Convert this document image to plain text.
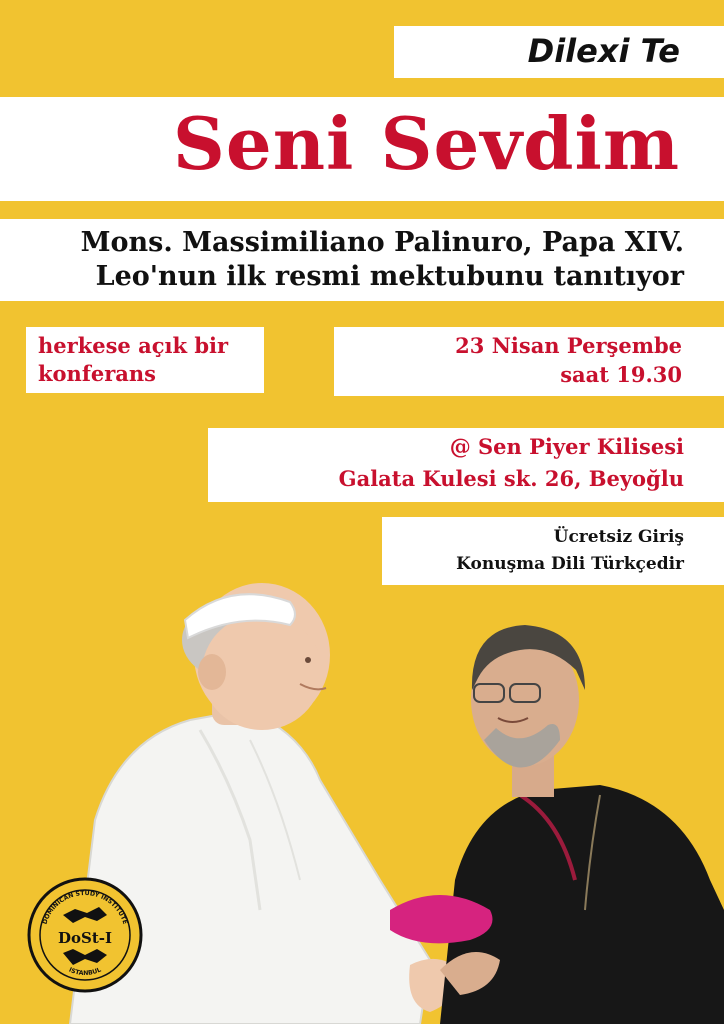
Dilexi Te
Seni Sevdim
Mons. Massimiliano Palinuro, Papa XIV.
Leo'nun ilk resmi mektubunu tanıtıyor
herkese açık bir
konferans
23 Nisan Perşembe
saat 19.30
@ Sen Piyer Kilisesi
Galata Kulesi sk. 26, Beyoğlu
Ücretsiz Giriş
Konuşma Dili Türkçedir
DOMINICAN STUDY INSTITUTE
ISTANBUL
DoSt-I
